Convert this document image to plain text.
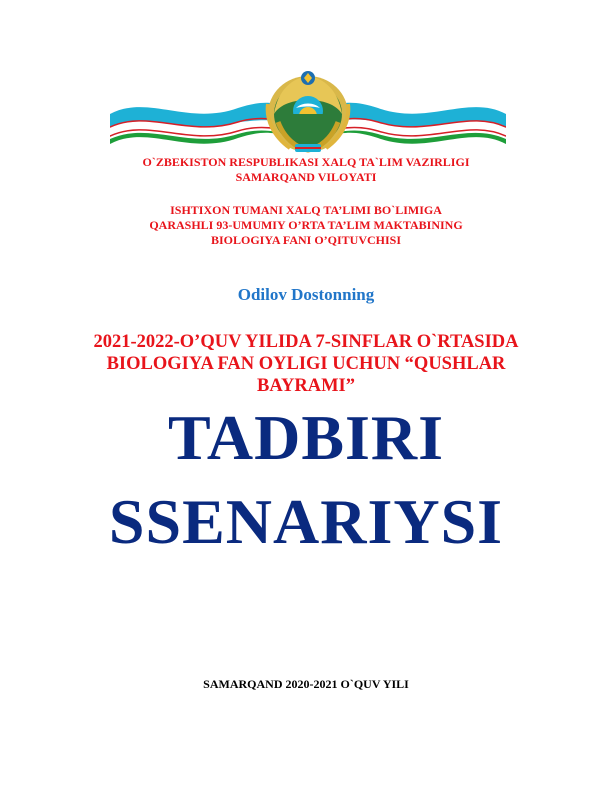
O`ZBEKISTON RESPUBLIKASI XALQ TA`LIM VAZIRLIGI
SAMARQAND VILOYATI
ISHTIXON TUMANI XALQ TA’LIMI BO`LIMIGA
QARASHLI 93-UMUMIY O’RTA TA’LIM MAKTABINING
BIOLOGIYA FANI O’QITUVCHISI
Odilov Dostonning
2021-2022-O’QUV YILIDA 7-SINFLAR O`RTASIDA
BIOLOGIYA FAN OYLIGI UCHUN “QUSHLAR
BAYRAMI”
TADBIRI
SSENARIYSI
SAMARQAND 2020-2021 O`QUV YILI
